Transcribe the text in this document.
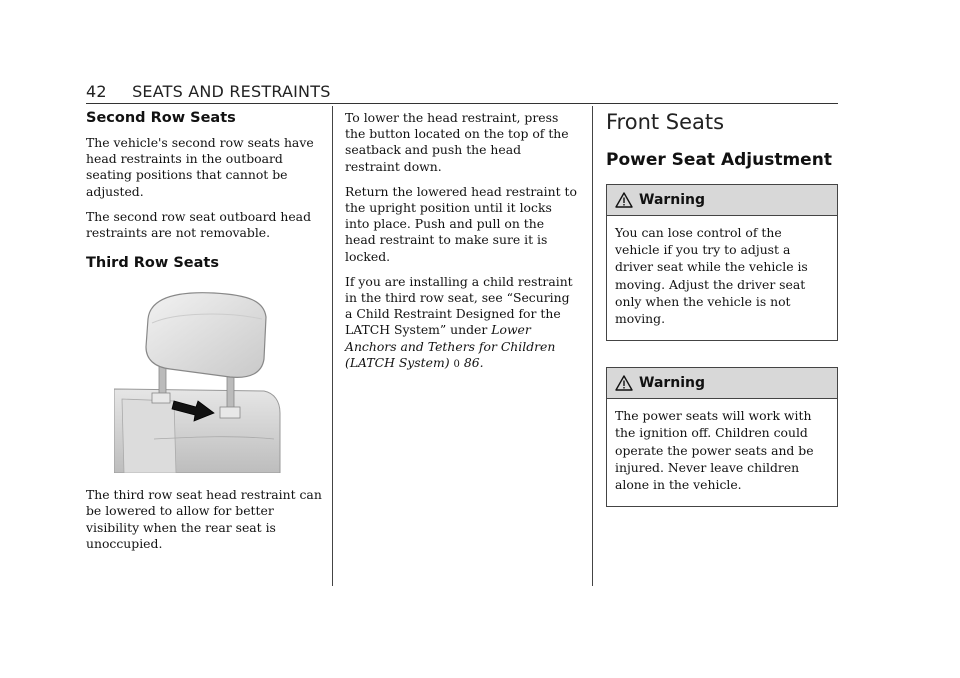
42 SEATS AND RESTRAINTS
Second Row Seats

The vehicle's second row seats have head restraints in the outboard seating positions that cannot be adjusted.

The second row seat outboard head restraints are not removable.

Third Row Seats

The third row seat head restraint can be lowered to allow for better visibility when the rear seat is unoccupied.

To lower the head restraint, press the button located on the top of the seatback and push the head restraint down.

Return the lowered head restraint to the upright position until it locks into place. Push and pull on the head restraint to make sure it is locked.

If you are installing a child restraint in the third row seat, see “Securing a Child Restraint Designed for the LATCH System” under Lower Anchors and Tethers for Children (LATCH System) 0 86.

Front Seats
Power Seat Adjustment
Warning

You can lose control of the vehicle if you try to adjust a driver seat while the vehicle is moving. Adjust the driver seat only when the vehicle is not moving.

Warning

The power seats will work with the ignition off. Children could operate the power seats and be injured. Never leave children alone in the vehicle.
